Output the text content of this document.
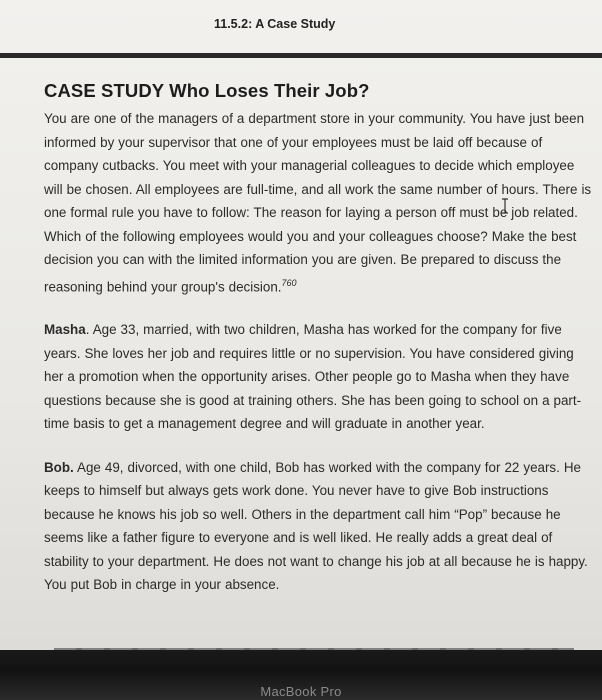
11.5.2: A Case Study
CASE STUDY Who Loses Their Job?

You are one of the managers of a department store in your community. You have just been informed by your supervisor that one of your employees must be laid off because of company cutbacks. You meet with your managerial colleagues to decide which employee will be chosen. All employees are full-time, and all work the same number of hours. There is one formal rule you have to follow: The reason for laying a person off must be job related. Which of the following employees would you and your colleagues choose? Make the best decision you can with the limited information you are given. Be prepared to discuss the reasoning behind your group's decision.$^{760}$

Masha. Age 33, married, with two children, Masha has worked for the company for five years. She loves her job and requires little or no supervision. You have considered giving her a promotion when the opportunity arises. Other people go to Masha when they have questions because she is good at training others. She has been going to school on a part-time basis to get a management degree and will graduate in another year.

Bob. Age 49, divorced, with one child, Bob has worked with the company for 22 years. He keeps to himself but always gets work done. You never have to give Bob instructions because he knows his job so well. Others in the department call him “Pop” because he seems like a father figure to everyone and is well liked. He really adds a great deal of stability to your department. He does not want to change his job at all because he is happy. You put Bob in charge in your absence.

MacBook Pro
